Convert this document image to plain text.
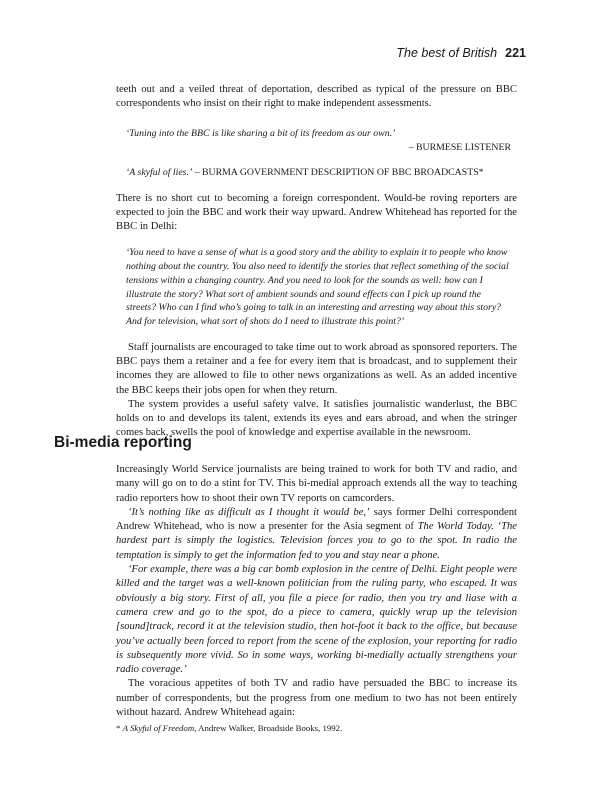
The best of British 221

teeth out and a veiled threat of deportation, described as typical of the pressure on BBC correspondents who insist on their right to make independent assessments.

‘Tuning into the BBC is like sharing a bit of its freedom as our own.’
– BURMESE LISTENER
‘A skyful of lies.’ – BURMA GOVERNMENT DESCRIPTION OF BBC BROADCASTS*

There is no short cut to becoming a foreign correspondent. Would-be roving reporters are expected to join the BBC and work their way upward. Andrew Whitehead has reported for the BBC in Delhi:

‘You need to have a sense of what is a good story and the ability to explain it to people who know nothing about the country. You also need to identify the stories that reflect something of the social tensions within a changing country. And you need to look for the sounds as well: how can I illustrate the story? What sort of ambient sounds and sound effects can I pick up round the streets? Who can I find who’s going to talk in an interesting and arresting way about this story? And for television, what sort of shots do I need to illustrate this point?’

Staff journalists are encouraged to take time out to work abroad as sponsored reporters. The BBC pays them a retainer and a fee for every item that is broadcast, and to supplement their incomes they are allowed to file to other news organizations as well. As an added incentive the BBC keeps their jobs open for when they return.

The system provides a useful safety valve. It satisfies journalistic wanderlust, the BBC holds on to and develops its talent, extends its eyes and ears abroad, and when the stringer comes back, swells the pool of knowledge and expertise available in the newsroom.

Bi-media reporting

Increasingly World Service journalists are being trained to work for both TV and radio, and many will go on to do a stint for TV. This bi-medial approach extends all the way to teaching radio reporters how to shoot their own TV reports on camcorders.

‘It’s nothing like as difficult as I thought it would be,’ says former Delhi correspondent Andrew Whitehead, who is now a presenter for the Asia segment of The World Today. ‘The hardest part is simply the logistics. Television forces you to go to the spot. In radio the temptation is simply to get the information fed to you and stay near a phone.

‘For example, there was a big car bomb explosion in the centre of Delhi. Eight people were killed and the target was a well-known politician from the ruling party, who escaped. It was obviously a big story. First of all, you file a piece for radio, then you try and liase with a camera crew and go to the spot, do a piece to camera, quickly wrap up the television [sound]track, record it at the television studio, then hot-foot it back to the office, but because you’ve actually been forced to report from the scene of the explosion, your reporting for radio is subsequently more vivid. So in some ways, working bi-medially actually strengthens your radio coverage.’

The voracious appetites of both TV and radio have persuaded the BBC to increase its number of correspondents, but the progress from one medium to two has not been entirely without hazard. Andrew Whitehead again:

* A Skyful of Freedom, Andrew Walker, Broadside Books, 1992.
